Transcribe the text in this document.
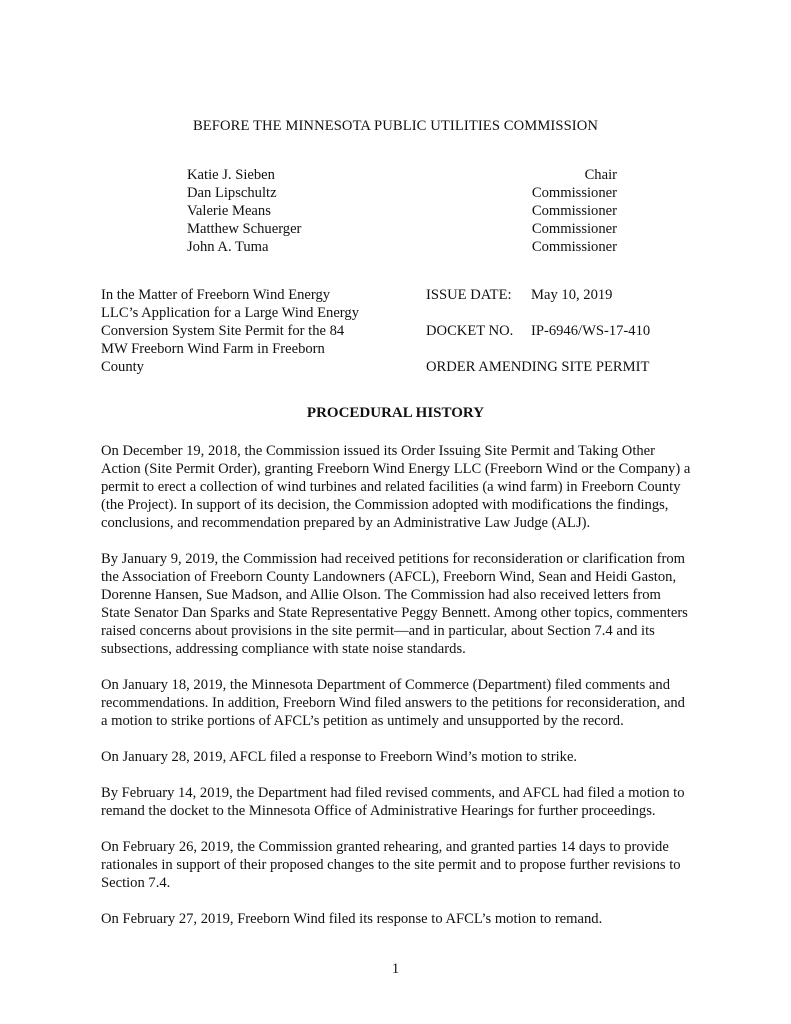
BEFORE THE MINNESOTA PUBLIC UTILITIES COMMISSION
Katie J. Sieben	Chair
Dan Lipschultz	Commissioner
Valerie Means	Commissioner
Matthew Schuerger	Commissioner
John A. Tuma	Commissioner
In the Matter of Freeborn Wind Energy
LLC’s Application for a Large Wind Energy
Conversion System Site Permit for the 84
MW Freeborn Wind Farm in Freeborn
County
ISSUE DATE: May 10, 2019
DOCKET NO. IP-6946/WS-17-410
ORDER AMENDING SITE PERMIT
PROCEDURAL HISTORY

On December 19, 2018, the Commission issued its Order Issuing Site Permit and Taking Other Action (Site Permit Order), granting Freeborn Wind Energy LLC (Freeborn Wind or the Company) a permit to erect a collection of wind turbines and related facilities (a wind farm) in Freeborn County (the Project). In support of its decision, the Commission adopted with modifications the findings, conclusions, and recommendation prepared by an Administrative Law Judge (ALJ).

By January 9, 2019, the Commission had received petitions for reconsideration or clarification from the Association of Freeborn County Landowners (AFCL), Freeborn Wind, Sean and Heidi Gaston, Dorenne Hansen, Sue Madson, and Allie Olson. The Commission had also received letters from State Senator Dan Sparks and State Representative Peggy Bennett. Among other topics, commenters raised concerns about provisions in the site permit—and in particular, about Section 7.4 and its subsections, addressing compliance with state noise standards.

On January 18, 2019, the Minnesota Department of Commerce (Department) filed comments and recommendations. In addition, Freeborn Wind filed answers to the petitions for reconsideration, and a motion to strike portions of AFCL’s petition as untimely and unsupported by the record.

On January 28, 2019, AFCL filed a response to Freeborn Wind’s motion to strike.

By February 14, 2019, the Department had filed revised comments, and AFCL had filed a motion to remand the docket to the Minnesota Office of Administrative Hearings for further proceedings.

On February 26, 2019, the Commission granted rehearing, and granted parties 14 days to provide rationales in support of their proposed changes to the site permit and to propose further revisions to Section 7.4.

On February 27, 2019, Freeborn Wind filed its response to AFCL’s motion to remand.

1
